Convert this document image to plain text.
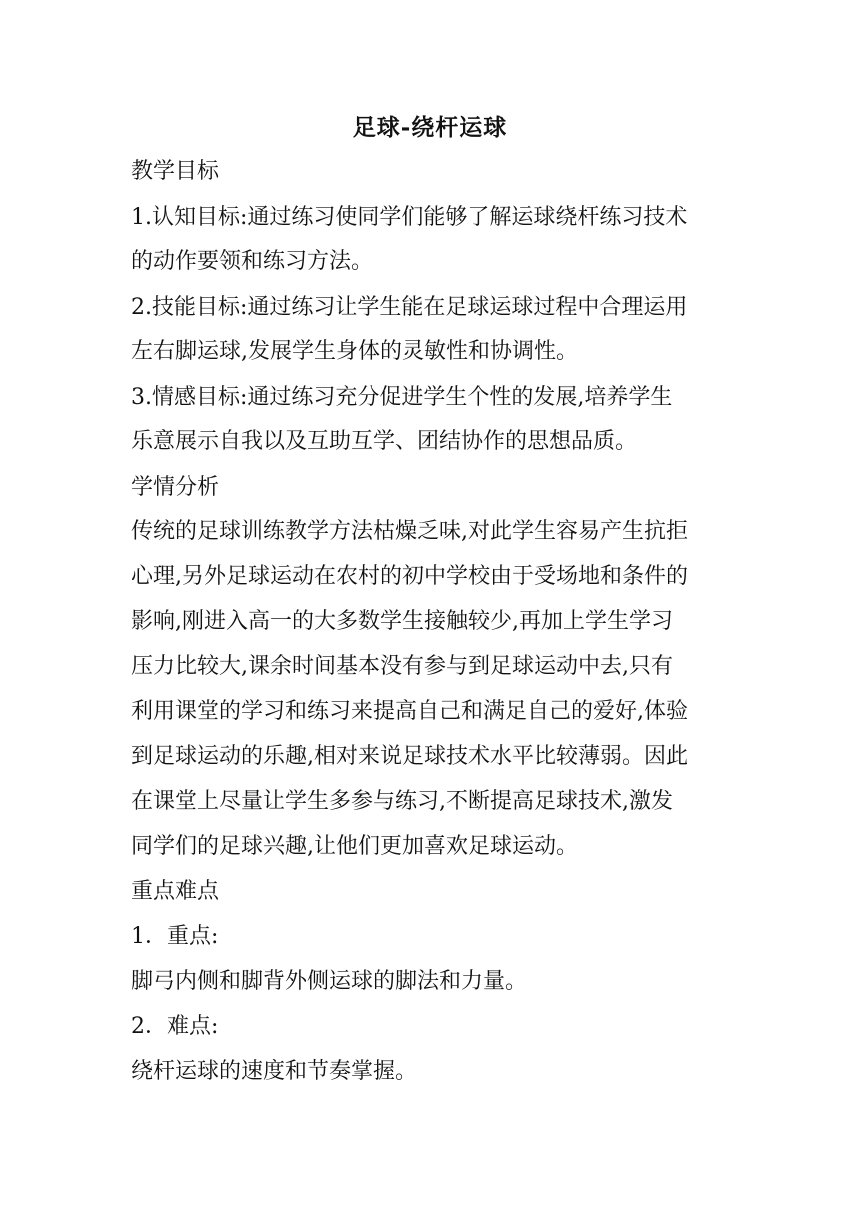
足球-绕杆运球
教学目标
1.认知目标:通过练习使同学们能够了解运球绕杆练习技术
的动作要领和练习方法。
2.技能目标:通过练习让学生能在足球运球过程中合理运用
左右脚运球,发展学生身体的灵敏性和协调性。
3.情感目标:通过练习充分促进学生个性的发展,培养学生
乐意展示自我以及互助互学、团结协作的思想品质。
学情分析
传统的足球训练教学方法枯燥乏味,对此学生容易产生抗拒
心理,另外足球运动在农村的初中学校由于受场地和条件的
影响,刚进入高一的大多数学生接触较少,再加上学生学习
压力比较大,课余时间基本没有参与到足球运动中去,只有
利用课堂的学习和练习来提高自己和满足自己的爱好,体验
到足球运动的乐趣,相对来说足球技术水平比较薄弱。因此
在课堂上尽量让学生多参与练习,不断提高足球技术,激发
同学们的足球兴趣,让他们更加喜欢足球运动。
重点难点
1．重点:
脚弓内侧和脚背外侧运球的脚法和力量。
2．难点:
绕杆运球的速度和节奏掌握。
